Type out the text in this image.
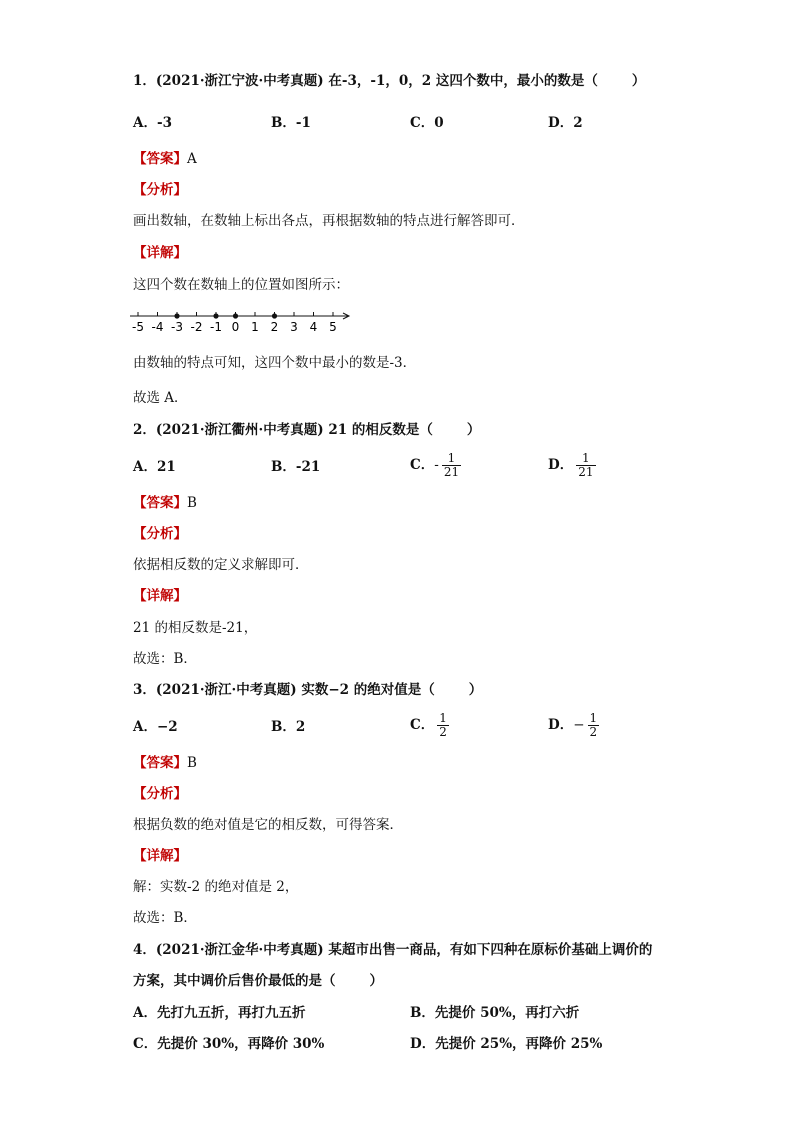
1．(2021·浙江宁波·中考真题) 在-3，-1，0，2 这四个数中，最小的数是（	）
A．-3	B．-1	C．0	D．2
【答案】A
【分析】
画出数轴，在数轴上标出各点，再根据数轴的特点进行解答即可．
【详解】
这四个数在数轴上的位置如图所示：
-5 -4 -3 -2 -1 0 1 2 3 4 5
由数轴的特点可知，这四个数中最小的数是-3．
故选 A．
2．(2021·浙江衢州·中考真题) 21 的相反数是（	）
A．21	B．-21	C．- $\frac{1}{21}$	D． $\frac{1}{21}$
【答案】B
【分析】
依据相反数的定义求解即可．
【详解】
21 的相反数是-21，
故选：B．
3．(2021·浙江·中考真题) 实数−2 的绝对值是（	）
A．−2	B．2	C． $\frac{1}{2}$	D．− $\frac{1}{2}$
【答案】B
【分析】
根据负数的绝对值是它的相反数，可得答案．
【详解】
解：实数-2 的绝对值是 2，
故选：B．
4．(2021·浙江金华·中考真题) 某超市出售一商品，有如下四种在原标价基础上调价的
方案，其中调价后售价最低的是（	）
A．先打九五折，再打九五折	B．先提价 50%，再打六折
C．先提价 30%，再降价 30%	D．先提价 25%，再降价 25%
